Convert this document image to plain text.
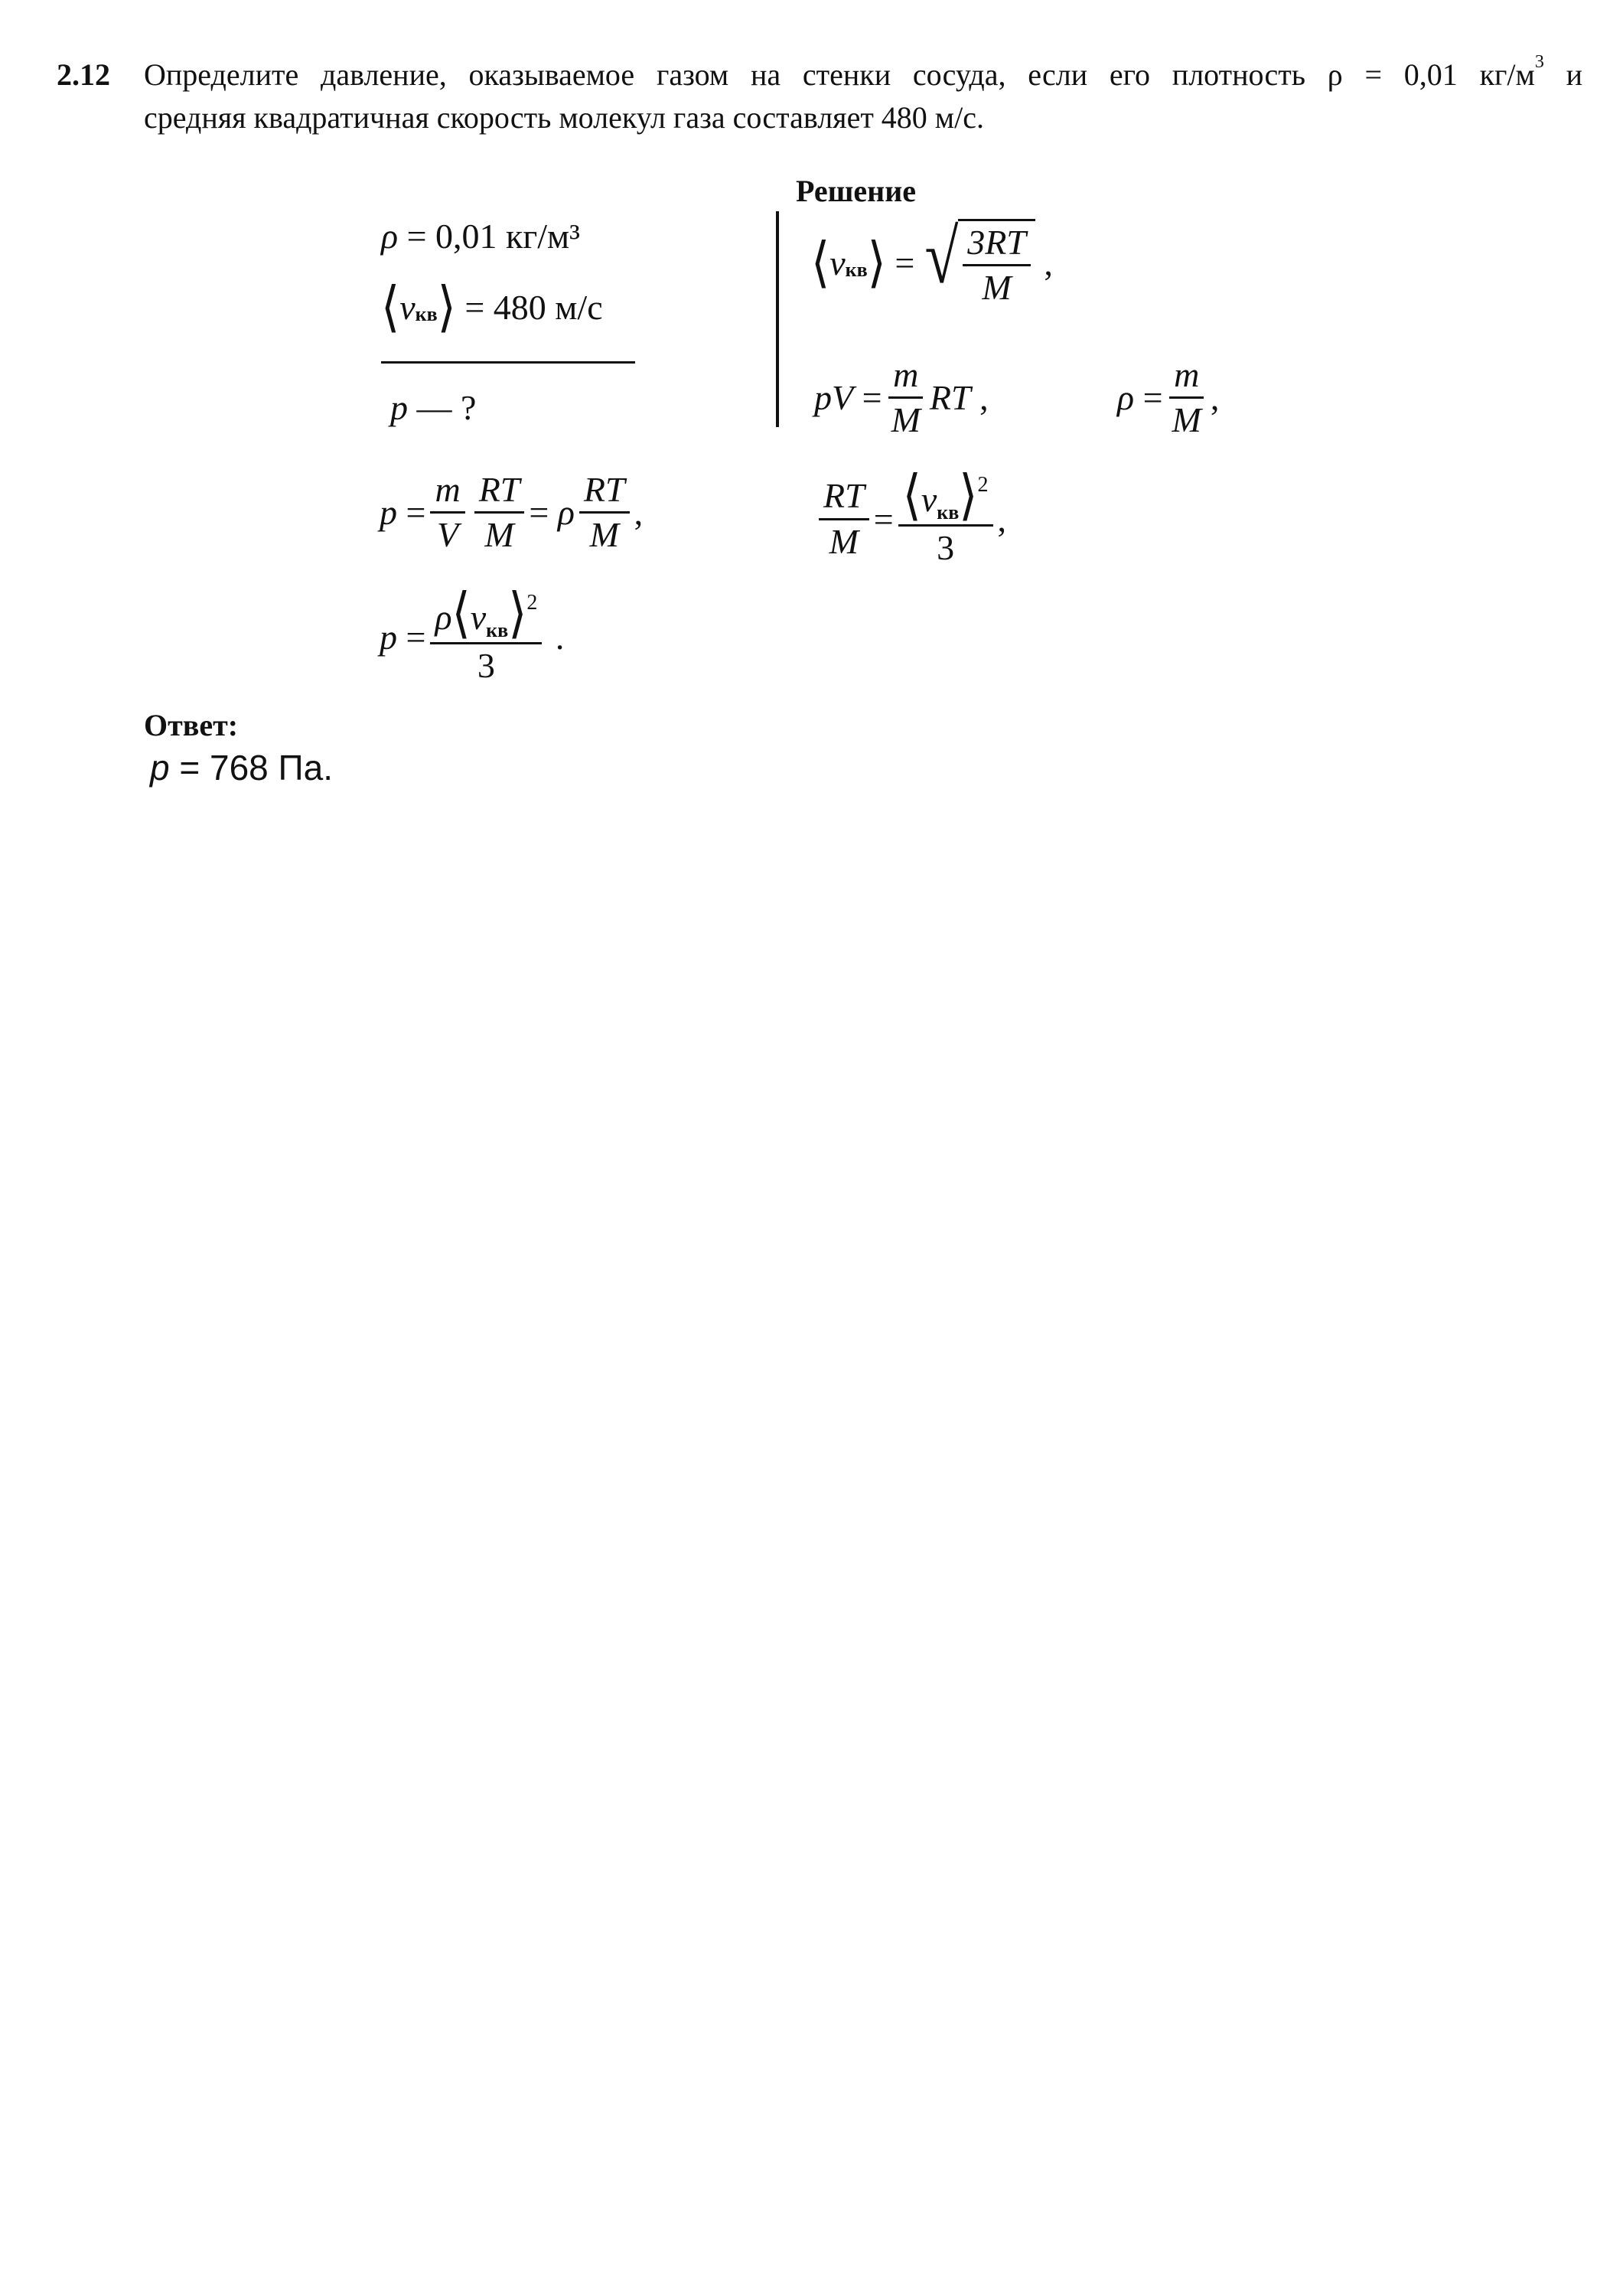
2.12 Определите давление, оказываемое газом на стенки сосуда, если его плотность ρ = 0,01 $кг/м^3$ и
средняя квадратичная скорость молекул газа составляет 480 м/с.
Решение
ρ
= 0,01 кг/м³
⟨ v кв ⟩
= 480 м/с
p
— ?
⟨ v кв ⟩
= √ $\frac{3RT}{M}$
,
pV
= $\frac{m}{M}$ RT
,	ρ
= $\frac{m}{M}$ ,
p
= $\frac{m}{V} \frac{RT}{M}$ =
ρ $\frac{RT}{M}$ ,	$\frac{RT}{M} = \frac{⟨v_{кв}⟩^2}{3}$ ,
p
= $\frac{\rho⟨v_{кв}⟩^2}{3}$
.
Ответ:
p
= 768 Па.
